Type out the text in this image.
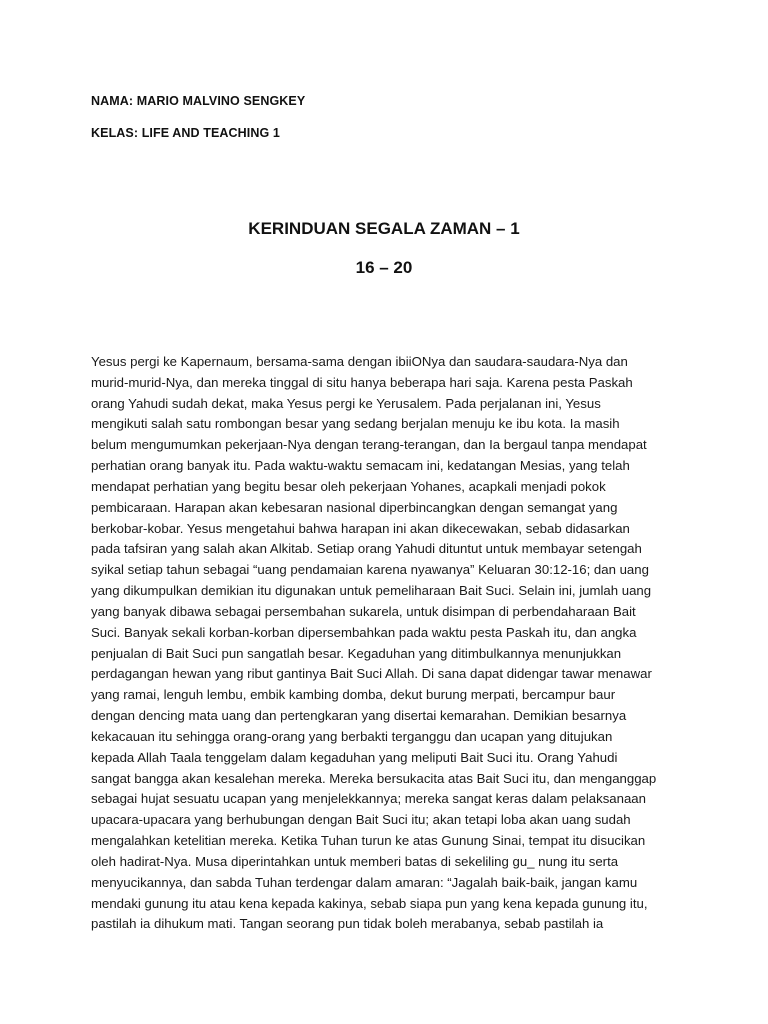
NAMA: MARIO MALVINO SENGKEY
KELAS: LIFE AND TEACHING 1
KERINDUAN SEGALA ZAMAN – 1
16 – 20
Yesus pergi ke Kapernaum, bersama-sama dengan ibiiONya dan saudara-saudara-Nya dan
murid-murid-Nya, dan mereka tinggal di situ hanya beberapa hari saja. Karena pesta Paskah
orang Yahudi sudah dekat, maka Yesus pergi ke Yerusalem. Pada perjalanan ini, Yesus
mengikuti salah satu rombongan besar yang sedang berjalan menuju ke ibu kota. Ia masih
belum mengumumkan pekerjaan-Nya dengan terang-terangan, dan Ia bergaul tanpa mendapat
perhatian orang banyak itu. Pada waktu-waktu semacam ini, kedatangan Mesias, yang telah
mendapat perhatian yang begitu besar oleh pekerjaan Yohanes, acapkali menjadi pokok
pembicaraan. Harapan akan kebesaran nasional diperbincangkan dengan semangat yang
berkobar-kobar. Yesus mengetahui bahwa harapan ini akan dikecewakan, sebab didasarkan
pada tafsiran yang salah akan Alkitab. Setiap orang Yahudi dituntut untuk membayar setengah
syikal setiap tahun sebagai “uang pendamaian karena nyawanya” Keluaran 30:12-16; dan uang
yang dikumpulkan demikian itu digunakan untuk pemeliharaan Bait Suci. Selain ini, jumlah uang
yang banyak dibawa sebagai persembahan sukarela, untuk disimpan di perbendaharaan Bait
Suci. Banyak sekali korban-korban dipersembahkan pada waktu pesta Paskah itu, dan angka
penjualan di Bait Suci pun sangatlah besar. Kegaduhan yang ditimbulkannya menunjukkan
perdagangan hewan yang ribut gantinya Bait Suci Allah. Di sana dapat didengar tawar menawar
yang ramai, lenguh lembu, embik kambing domba, dekut burung merpati, bercampur baur
dengan dencing mata uang dan pertengkaran yang disertai kemarahan. Demikian besarnya
kekacauan itu sehingga orang-orang yang berbakti terganggu dan ucapan yang ditujukan
kepada Allah Taala tenggelam dalam kegaduhan yang meliputi Bait Suci itu. Orang Yahudi
sangat bangga akan kesalehan mereka. Mereka bersukacita atas Bait Suci itu, dan menganggap
sebagai hujat sesuatu ucapan yang menjelekkannya; mereka sangat keras dalam pelaksanaan
upacara-upacara yang berhubungan dengan Bait Suci itu; akan tetapi loba akan uang sudah
mengalahkan ketelitian mereka. Ketika Tuhan turun ke atas Gunung Sinai, tempat itu disucikan
oleh hadirat-Nya. Musa diperintahkan untuk memberi batas di sekeliling gu_ nung itu serta
menyucikannya, dan sabda Tuhan terdengar dalam amaran: “Jagalah baik-baik, jangan kamu
mendaki gunung itu atau kena kepada kakinya, sebab siapa pun yang kena kepada gunung itu,
pastilah ia dihukum mati. Tangan seorang pun tidak boleh merabanya, sebab pastilah ia
